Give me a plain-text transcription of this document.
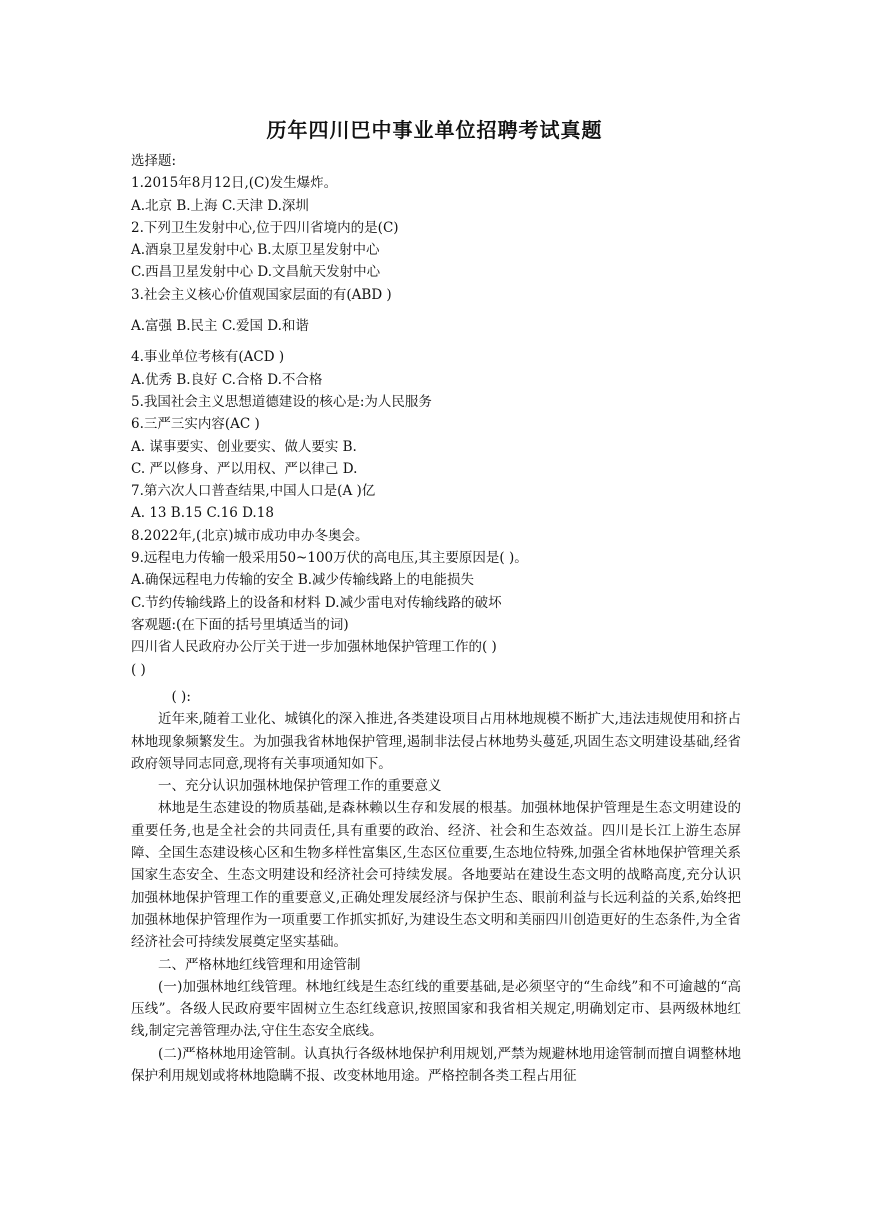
历年四川巴中事业单位招聘考试真题
选择题:
1.2015年8月12日,(C)发生爆炸。
A.北京 B.上海 C.天津 D.深圳
2.下列卫生发射中心,位于四川省境内的是(C)
A.酒泉卫星发射中心 B.太原卫星发射中心
C.西昌卫星发射中心 D.文昌航天发射中心
3.社会主义核心价值观国家层面的有(ABD )
A.富强 B.民主 C.爱国 D.和谐
4.事业单位考核有(ACD )
A.优秀 B.良好 C.合格 D.不合格
5.我国社会主义思想道德建设的核心是:为人民服务
6.三严三实内容(AC )
A. 谋事要实、创业要实、做人要实 B.
C. 严以修身、严以用权、严以律己 D.
7.第六次人口普查结果,中国人口是(A )亿
A. 13 B.15 C.16 D.18
8.2022年,(北京)城市成功申办冬奥会。
9.远程电力传输一般采用50~100万伏的高电压,其主要原因是( )。
A.确保远程电力传输的安全 B.减少传输线路上的电能损失
C.节约传输线路上的设备和材料 D.减少雷电对传输线路的破坏
客观题:(在下面的括号里填适当的词)
四川省人民政府办公厅关于进一步加强林地保护管理工作的( )
( )
( ):

近年来,随着工业化、城镇化的深入推进,各类建设项目占用林地规模不断扩大,违法违规使用和挤占林地现象频繁发生。为加强我省林地保护管理,遏制非法侵占林地势头蔓延,巩固生态文明建设基础,经省政府领导同志同意,现将有关事项通知如下。

一、充分认识加强林地保护管理工作的重要意义

林地是生态建设的物质基础,是森林赖以生存和发展的根基。加强林地保护管理是生态文明建设的重要任务,也是全社会的共同责任,具有重要的政治、经济、社会和生态效益。四川是长江上游生态屏障、全国生态建设核心区和生物多样性富集区,生态区位重要,生态地位特殊,加强全省林地保护管理关系国家生态安全、生态文明建设和经济社会可持续发展。各地要站在建设生态文明的战略高度,充分认识加强林地保护管理工作的重要意义,正确处理发展经济与保护生态、眼前利益与长远利益的关系,始终把加强林地保护管理作为一项重要工作抓实抓好,为建设生态文明和美丽四川创造更好的生态条件,为全省经济社会可持续发展奠定坚实基础。

二、严格林地红线管理和用途管制

(一)加强林地红线管理。林地红线是生态红线的重要基础,是必须坚守的“生命线”和不可逾越的“高压线”。各级人民政府要牢固树立生态红线意识,按照国家和我省相关规定,明确划定市、县两级林地红线,制定完善管理办法,守住生态安全底线。

(二)严格林地用途管制。认真执行各级林地保护利用规划,严禁为规避林地用途管制而擅自调整林地保护利用规划或将林地隐瞒不报、改变林地用途。严格控制各类工程占用征
